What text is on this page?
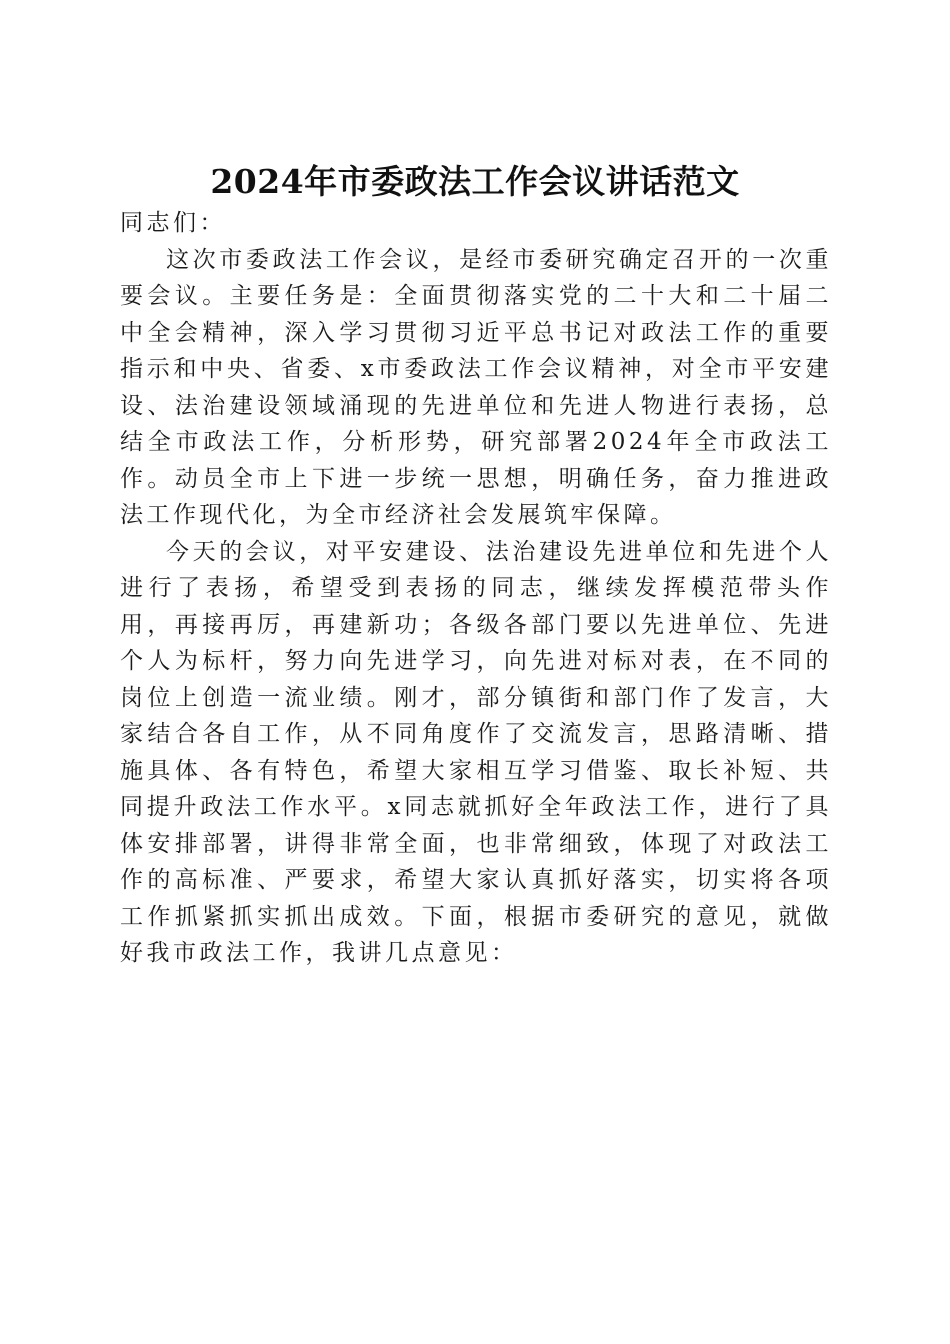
2024年市委政法工作会议讲话范文

同志们：

这次市委政法工作会议，是经市委研究确定召开的一次重要会议。主要任务是：全面贯彻落实党的二十大和二十届二中全会精神，深入学习贯彻习近平总书记对政法工作的重要指示和中央、省委、x市委政法工作会议精神，对全市平安建设、法治建设领域涌现的先进单位和先进人物进行表扬，总结全市政法工作，分析形势，研究部署2024年全市政法工作。动员全市上下进一步统一思想，明确任务，奋力推进政法工作现代化，为全市经济社会发展筑牢保障。

今天的会议，对平安建设、法治建设先进单位和先进个人进行了表扬，希望受到表扬的同志，继续发挥模范带头作用，再接再厉，再建新功；各级各部门要以先进单位、先进个人为标杆，努力向先进学习，向先进对标对表，在不同的岗位上创造一流业绩。刚才，部分镇街和部门作了发言，大家结合各自工作，从不同角度作了交流发言，思路清晰、措施具体、各有特色，希望大家相互学习借鉴、取长补短、共同提升政法工作水平。x同志就抓好全年政法工作，进行了具体安排部署，讲得非常全面，也非常细致，体现了对政法工作的高标准、严要求，希望大家认真抓好落实，切实将各项工作抓紧抓实抓出成效。下面，根据市委研究的意见，就做好我市政法工作，我讲几点意见：
